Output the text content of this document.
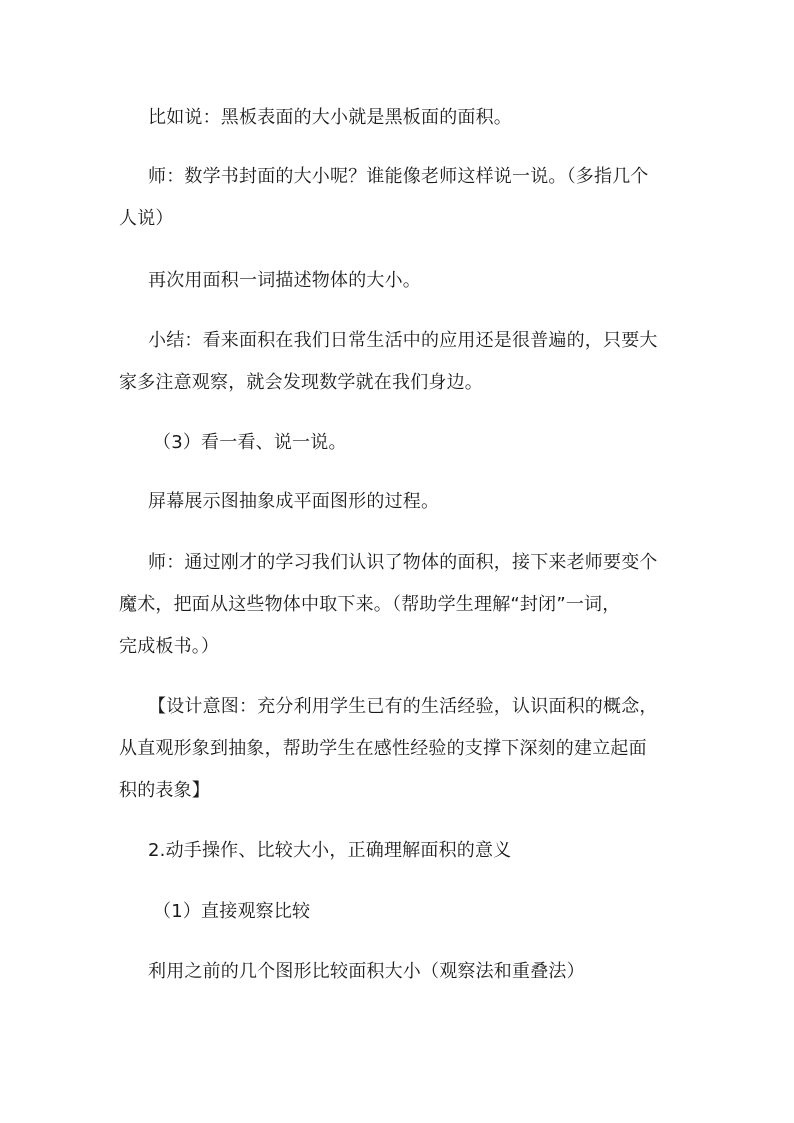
比如说：黑板表面的大小就是黑板面的面积。

师：数学书封面的大小呢？谁能像老师这样说一说。（多指几个

人说）

再次用面积一词描述物体的大小。

小结：看来面积在我们日常生活中的应用还是很普遍的，只要大

家多注意观察，就会发现数学就在我们身边。

（3）看一看、说一说。

屏幕展示图抽象成平面图形的过程。

师：通过刚才的学习我们认识了物体的面积，接下来老师要变个

魔术，把面从这些物体中取下来。（帮助学生理解“封闭”一词，

完成板书。）

【设计意图：充分利用学生已有的生活经验，认识面积的概念，

从直观形象到抽象，帮助学生在感性经验的支撑下深刻的建立起面

积的表象】

2.动手操作、比较大小，正确理解面积的意义

（1）直接观察比较

利用之前的几个图形比较面积大小（观察法和重叠法）
